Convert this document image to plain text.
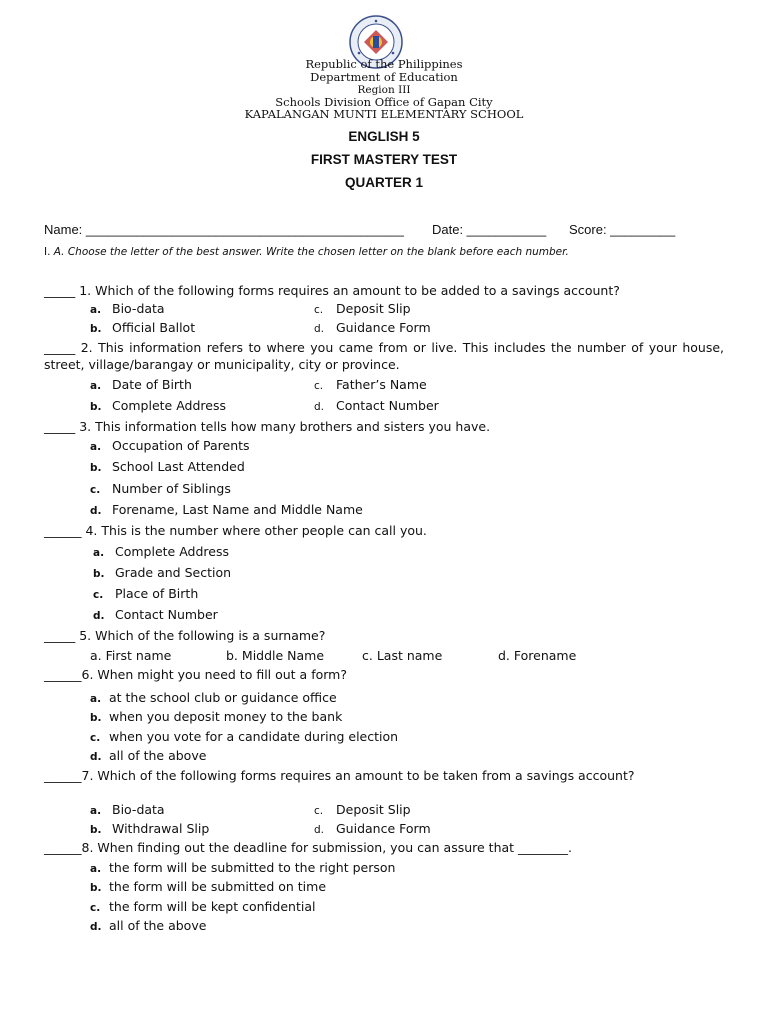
Republic of the Philippines
Department of Education
Region III
Schools Division Office of Gapan City
KAPALANGAN MUNTI ELEMENTARY SCHOOL
ENGLISH 5
FIRST MASTERY TEST
QUARTER 1
Name: ____________________________________________ Date: ___________ Score: _________
I. A. Choose the letter of the best answer. Write the chosen letter on the blank before each number.
_____ 1. Which of the following forms requires an amount to be added to a savings account?
a. Bio-data	c. Deposit Slip
b. Official Ballot	d. Guidance Form
_____ 2. This information refers to where you came from or live. This includes the number of your house, street, village/barangay or municipality, city or province.
a. Date of Birth	c. Father’s Name
b. Complete Address	d. Contact Number
_____ 3. This information tells how many brothers and sisters you have.
a. Occupation of Parents
b. School Last Attended
c. Number of Siblings
d. Forename, Last Name and Middle Name
______ 4. This is the number where other people can call you.
a. Complete Address
b. Grade and Section
c. Place of Birth
d. Contact Number
_____ 5. Which of the following is a surname?
a. First name	b. Middle Name	c. Last name	d. Forename
______6. When might you need to fill out a form?
a. at the school club or guidance office
b. when you deposit money to the bank
c. when you vote for a candidate during election
d. all of the above
______7. Which of the following forms requires an amount to be taken from a savings account?
a. Bio-data	c. Deposit Slip
b. Withdrawal Slip	d. Guidance Form
______8. When finding out the deadline for submission, you can assure that ________.
a. the form will be submitted to the right person
b. the form will be submitted on time
c. the form will be kept confidential
d. all of the above
